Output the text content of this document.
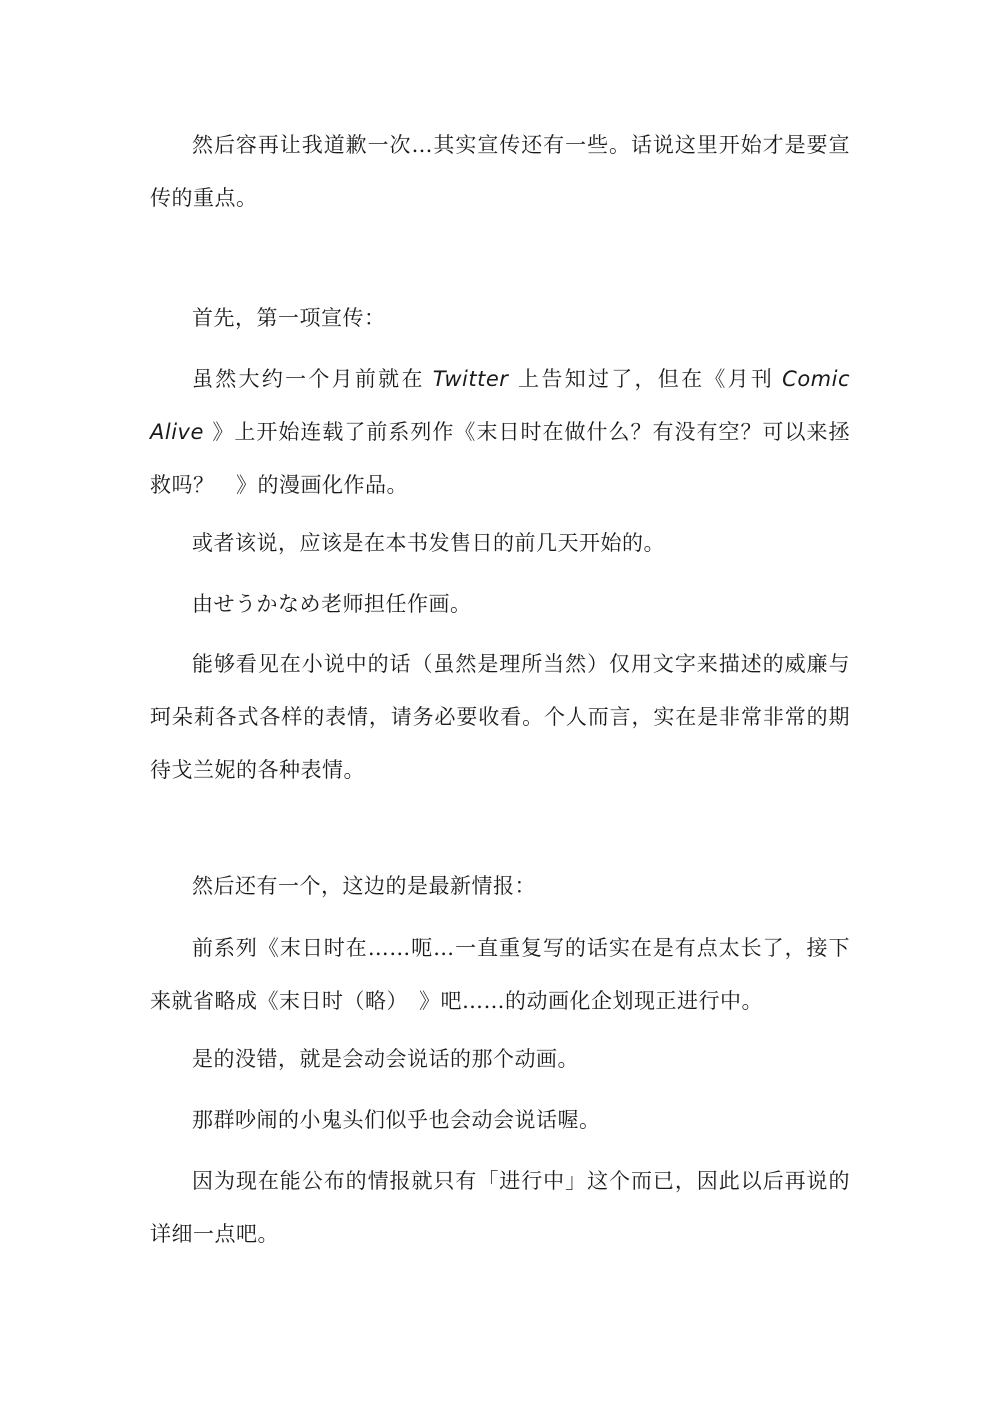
然后容再让我道歉一次…其实宣传还有一些。话说这里开始才是要宣传的重点。

首先，第一项宣传：

虽然大约一个月前就在 Twitter 上告知过了，但在《月刊 Comic Alive 》上开始连载了前系列作《末日时在做什么？有没有空？可以来拯救吗？　》的漫画化作品。

或者该说，应该是在本书发售日的前几天开始的。

由せうかなめ老师担任作画。

能够看见在小说中的话（虽然是理所当然）仅用文字来描述的威廉与珂朵莉各式各样的表情，请务必要收看。个人而言，实在是非常非常的期待戈兰妮的各种表情。

然后还有一个，这边的是最新情报：

前系列《末日时在……呃…一直重复写的话实在是有点太长了，接下来就省略成《末日时（略）　》吧……的动画化企划现正进行中。

是的没错，就是会动会说话的那个动画。

那群吵闹的小鬼头们似乎也会动会说话喔。

因为现在能公布的情报就只有「进行中」这个而已，因此以后再说的详细一点吧。
